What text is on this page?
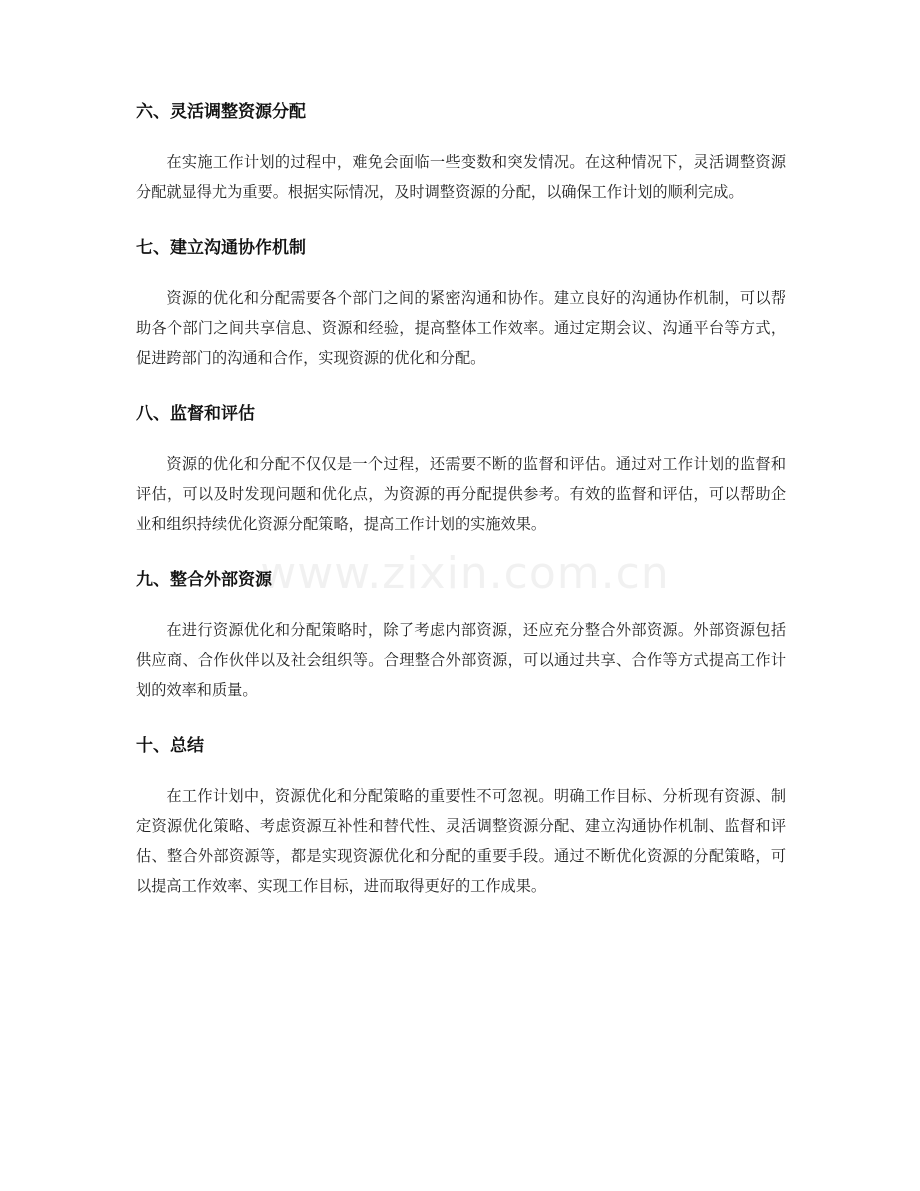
www.zixin.com.cn
六、灵活调整资源分配

在实施工作计划的过程中，难免会面临一些变数和突发情况。在这种情况下，灵活调整资源分配就显得尤为重要。根据实际情况，及时调整资源的分配，以确保工作计划的顺利完成。

七、建立沟通协作机制

资源的优化和分配需要各个部门之间的紧密沟通和协作。建立良好的沟通协作机制，可以帮助各个部门之间共享信息、资源和经验，提高整体工作效率。通过定期会议、沟通平台等方式，促进跨部门的沟通和合作，实现资源的优化和分配。

八、监督和评估

资源的优化和分配不仅仅是一个过程，还需要不断的监督和评估。通过对工作计划的监督和评估，可以及时发现问题和优化点，为资源的再分配提供参考。有效的监督和评估，可以帮助企业和组织持续优化资源分配策略，提高工作计划的实施效果。

九、整合外部资源

在进行资源优化和分配策略时，除了考虑内部资源，还应充分整合外部资源。外部资源包括供应商、合作伙伴以及社会组织等。合理整合外部资源，可以通过共享、合作等方式提高工作计划的效率和质量。

十、总结

在工作计划中，资源优化和分配策略的重要性不可忽视。明确工作目标、分析现有资源、制定资源优化策略、考虑资源互补性和替代性、灵活调整资源分配、建立沟通协作机制、监督和评估、整合外部资源等，都是实现资源优化和分配的重要手段。通过不断优化资源的分配策略，可以提高工作效率、实现工作目标，进而取得更好的工作成果。
